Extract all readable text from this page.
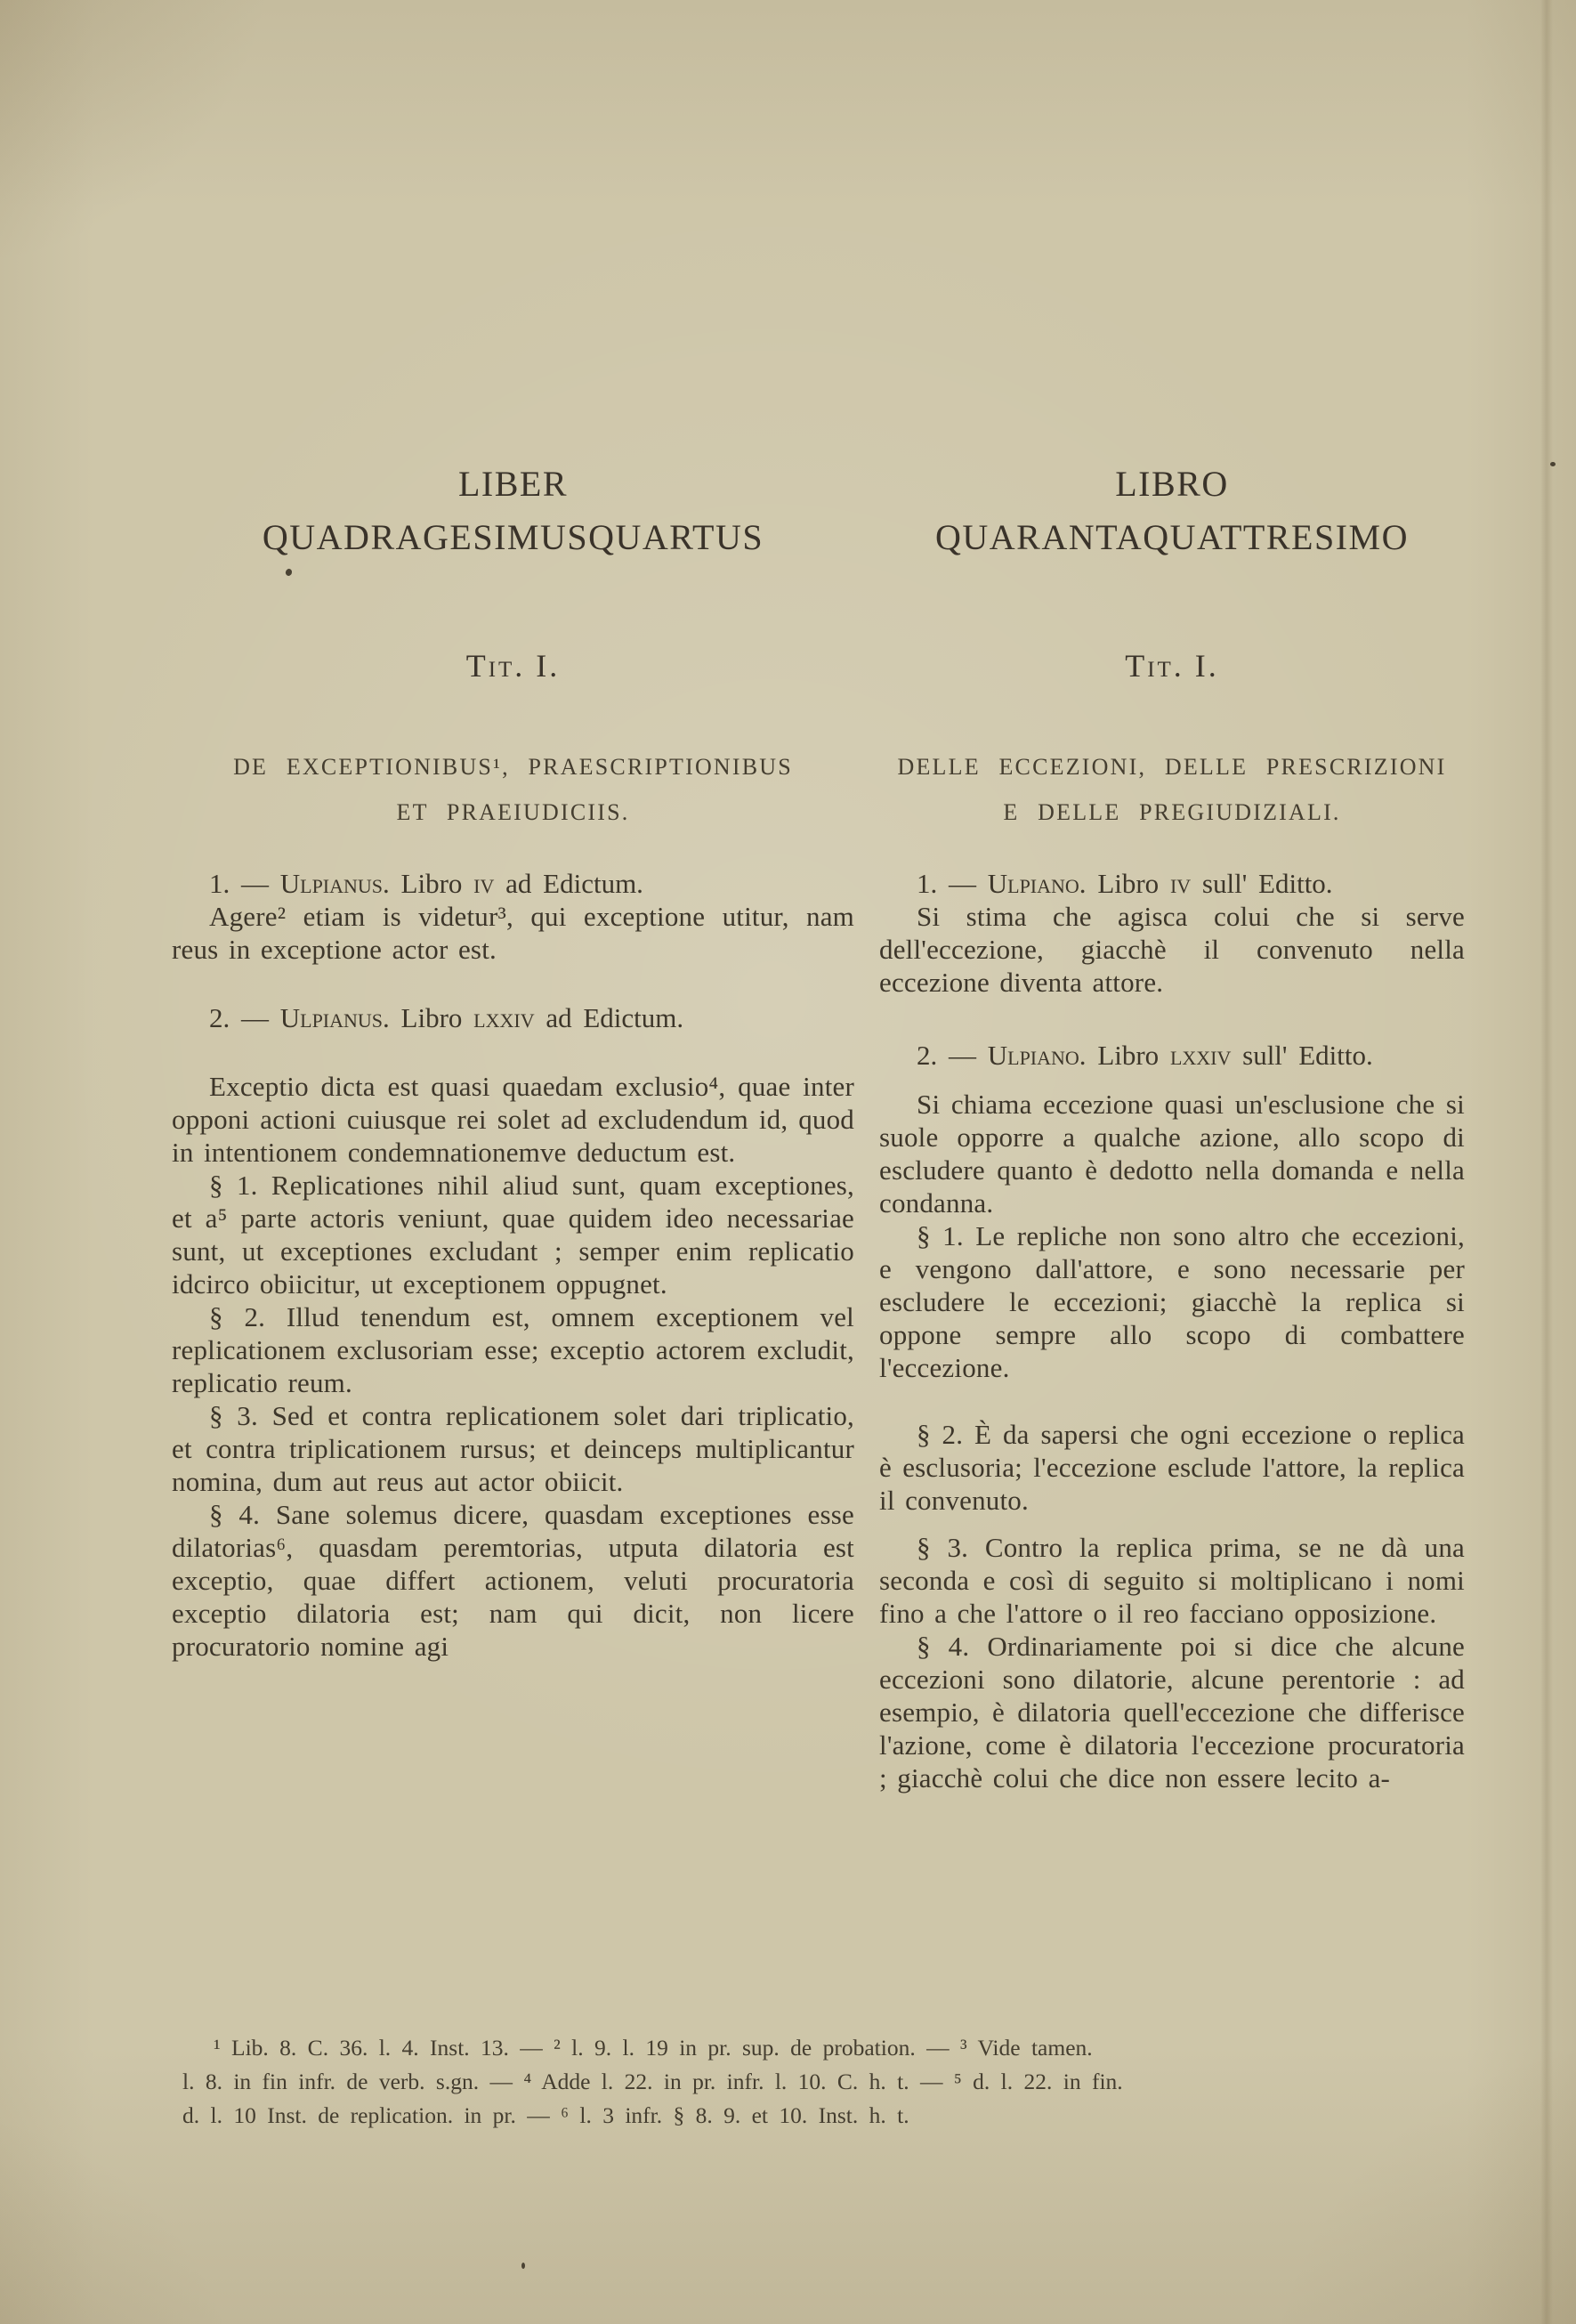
LIBER
QUADRAGESIMUSQUARTUS
Tit. I.
DE EXCEPTIONIBUS¹, PRAESCRIPTIONIBUS
ET PRAEIUDICIIS.

1. — Ulpianus. Libro iv ad Edictum.

Agere² etiam is videtur³, qui exceptione utitur, nam reus in exceptione actor est.

2. — Ulpianus. Libro lxxiv ad Edictum.

Exceptio dicta est quasi quaedam exclusio⁴, quae inter opponi actioni cuiusque rei solet ad excludendum id, quod in intentionem condemnationemve deductum est.

§ 1. Replicationes nihil aliud sunt, quam exceptiones, et a⁵ parte actoris veniunt, quae quidem ideo necessariae sunt, ut exceptiones excludant ; semper enim replicatio idcirco obiicitur, ut exceptionem oppugnet.

§ 2. Illud tenendum est, omnem exceptionem vel replicationem exclusoriam esse; exceptio actorem excludit, replicatio reum.

§ 3. Sed et contra replicationem solet dari triplicatio, et contra triplicationem rursus; et deinceps multiplicantur nomina, dum aut reus aut actor obiicit.

§ 4. Sane solemus dicere, quasdam exceptiones esse dilatorias⁶, quasdam peremtorias, utputa dilatoria est exceptio, quae differt actionem, veluti procuratoria exceptio dilatoria est; nam qui dicit, non licere procuratorio nomine agi

LIBRO
QUARANTAQUATTRESIMO
Tit. I.
DELLE ECCEZIONI, DELLE PRESCRIZIONI
E DELLE PREGIUDIZIALI.

1. — Ulpiano. Libro iv sull' Editto.

Si stima che agisca colui che si serve dell'eccezione, giacchè il convenuto nella eccezione diventa attore.

2. — Ulpiano. Libro lxxiv sull' Editto.

Si chiama eccezione quasi un'esclusione che si suole opporre a qualche azione, allo scopo di escludere quanto è dedotto nella domanda e nella condanna.

§ 1. Le repliche non sono altro che eccezioni, e vengono dall'attore, e sono necessarie per escludere le eccezioni; giacchè la replica si oppone sempre allo scopo di combattere l'eccezione.

§ 2. È da sapersi che ogni eccezione o replica è esclusoria; l'eccezione esclude l'attore, la replica il convenuto.

§ 3. Contro la replica prima, se ne dà una seconda e così di seguito si moltiplicano i nomi fino a che l'attore o il reo facciano opposizione.

§ 4. Ordinariamente poi si dice che alcune eccezioni sono dilatorie, alcune perentorie : ad esempio, è dilatoria quell'eccezione che differisce l'azione, come è dilatoria l'eccezione procuratoria ; giacchè colui che dice non essere lecito a-

¹ Lib. 8. C. 36. l. 4. Inst. 13. — ² l. 9. l. 19 in pr. sup. de probation. — ³ Vide tamen.
l. 8. in fin infr. de verb. s.gn. — ⁴ Adde l. 22. in pr. infr. l. 10. C. h. t. — ⁵ d. l. 22. in fin.
d. l. 10 Inst. de replication. in pr. — ⁶ l. 3 infr. § 8. 9. et 10. Inst. h. t.
